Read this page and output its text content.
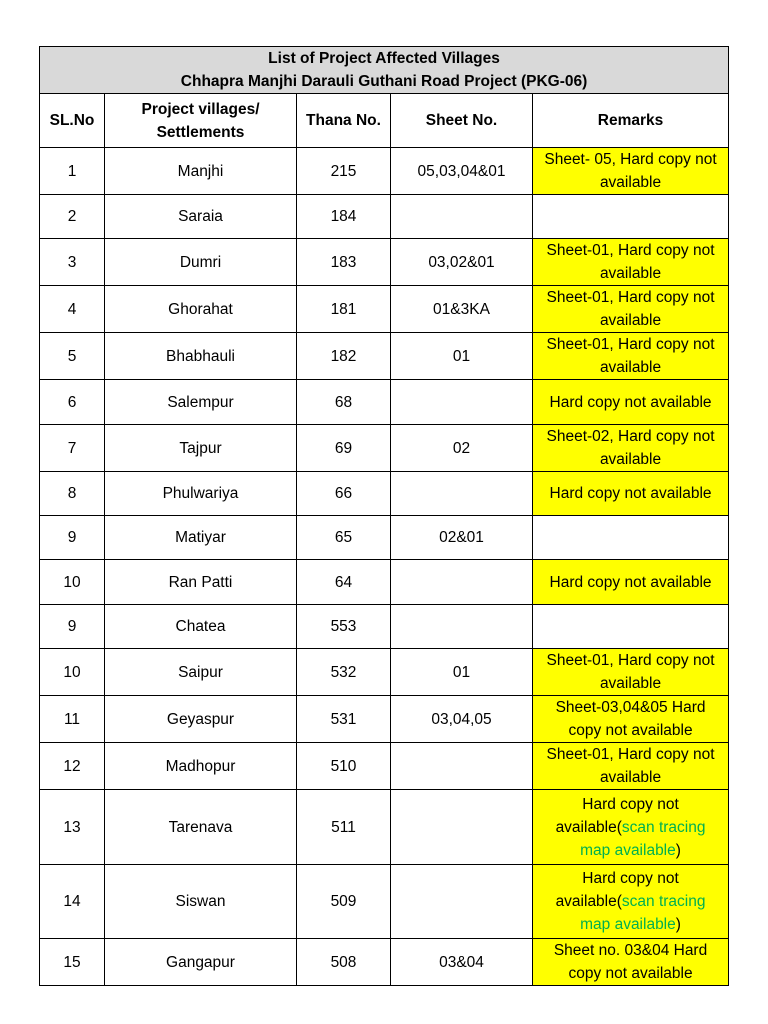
List of Project Affected Villages
Chhapra Manjhi Darauli Guthani Road Project (PKG-06)				

SL.No	Project villages/
Settlements	Thana No.	Sheet No.	Remarks
1	Manjhi	215	05,03,04&01	Sheet- 05, Hard copy not
available

2	Saraia	184		
3	Dumri	183	03,02&01	Sheet-01, Hard copy not
available

4	Ghorahat	181	01&3KA	Sheet-01, Hard copy not
available

5	Bhabhauli	182	01	Sheet-01, Hard copy not
available

6	Salempur	68		Hard copy not available

7	Tajpur	69	02	Sheet-02, Hard copy not
available

8	Phulwariya	66		Hard copy not available

9	Matiyar	65	02&01	
10	Ran Patti	64		Hard copy not available

9	Chatea	553		
10	Saipur	532	01	Sheet-01, Hard copy not
available

11	Geyaspur	531	03,04,05	Sheet-03,04&05 Hard
copy not available

12	Madhopur	510		Sheet-01, Hard copy not
available

13	Tarenava	511		Hard copy not
available(scan tracing
map available)

14	Siswan	509		Hard copy not
available(scan tracing
map available)

15	Gangapur	508	03&04	Sheet no. 03&04 Hard
copy not available
